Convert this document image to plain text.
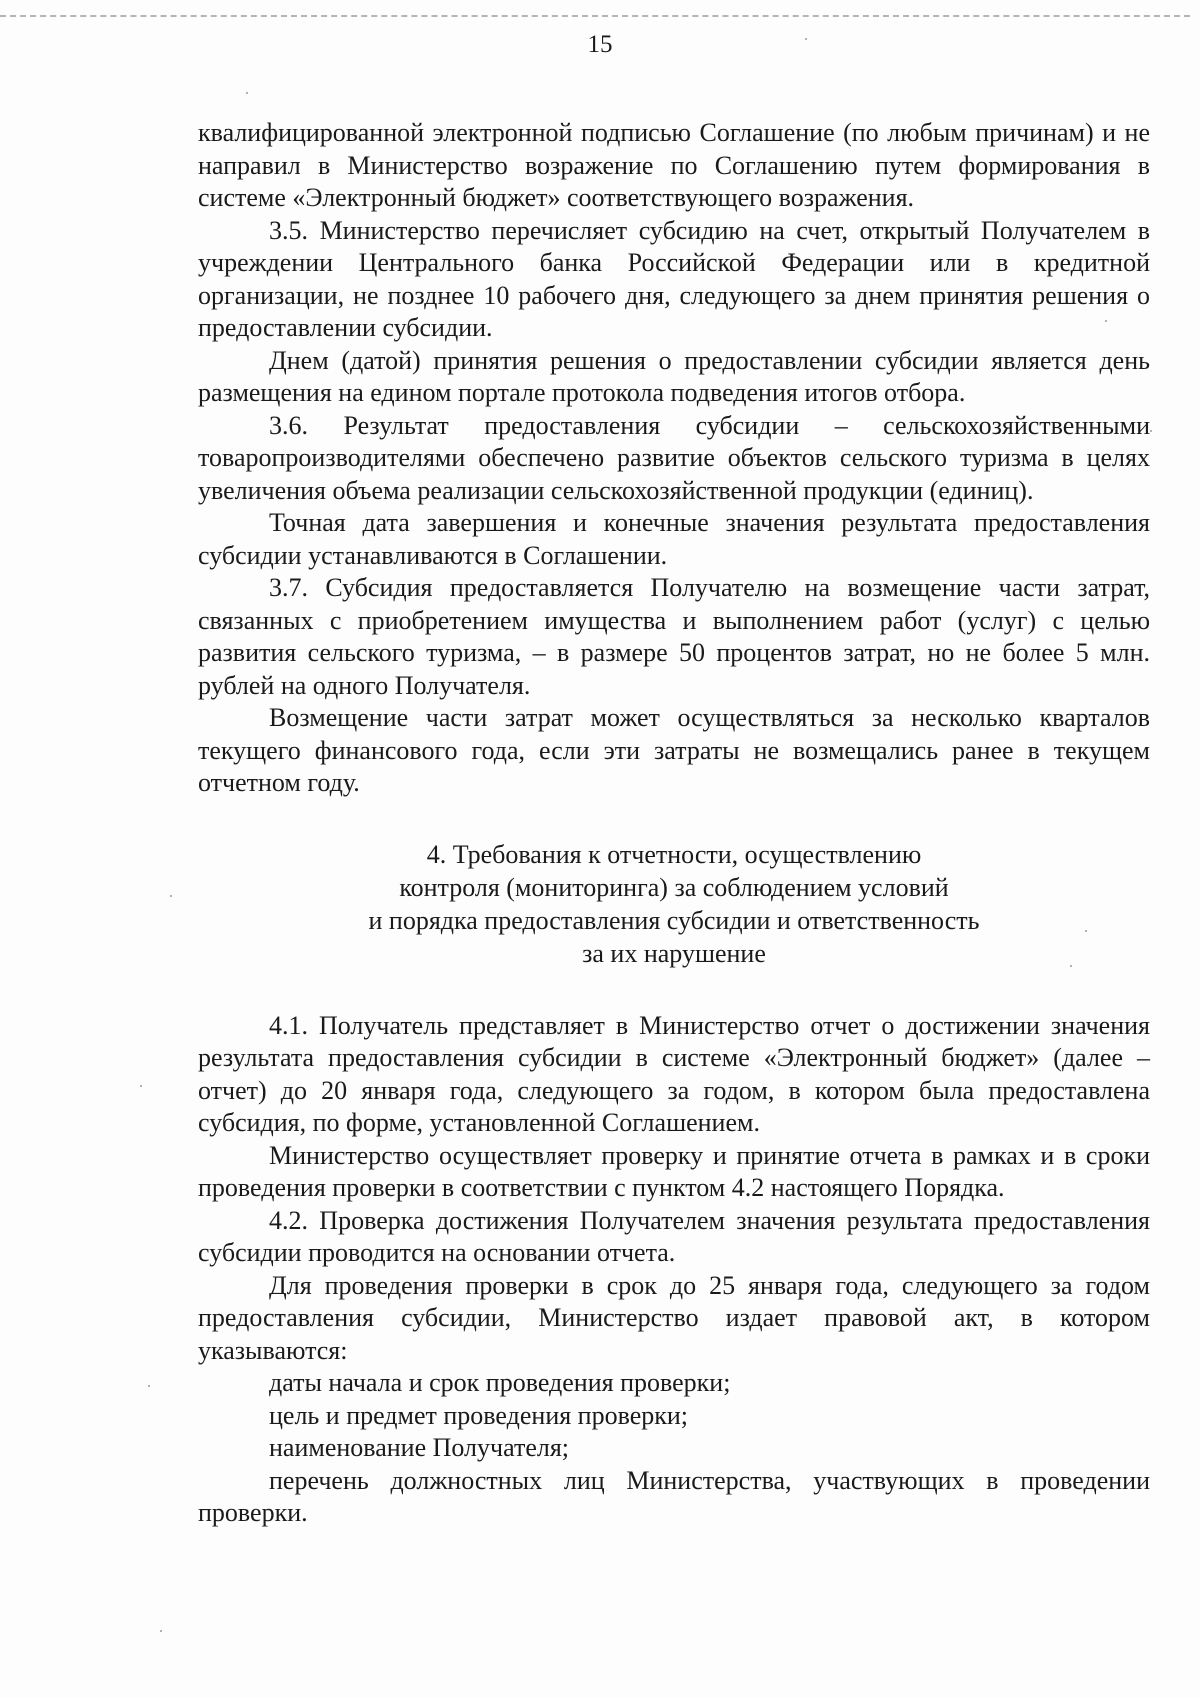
15

квалифицированной электронной подписью Соглашение (по любым причинам) и не направил в Министерство возражение по Соглашению путем формирования в системе «Электронный бюджет» соответствующего возражения.

3.5. Министерство перечисляет субсидию на счет, открытый Получателем в учреждении Центрального банка Российской Федерации или в кредитной организации, не позднее 10 рабочего дня, следующего за днем принятия решения о предоставлении субсидии.

Днем (датой) принятия решения о предоставлении субсидии является день размещения на едином портале протокола подведения итогов отбора.

3.6. Результат предоставления субсидии – сельскохозяйственными товаропроизводителями обеспечено развитие объектов сельского туризма в целях увеличения объема реализации сельскохозяйственной продукции (единиц).

Точная дата завершения и конечные значения результата предоставления субсидии устанавливаются в Соглашении.

3.7. Субсидия предоставляется Получателю на возмещение части затрат, связанных с приобретением имущества и выполнением работ (услуг) с целью развития сельского туризма, – в размере 50 процентов затрат, но не более 5 млн. рублей на одного Получателя.

Возмещение части затрат может осуществляться за несколько кварталов текущего финансового года, если эти затраты не возмещались ранее в текущем отчетном году.

4. Требования к отчетности, осуществлению
контроля (мониторинга) за соблюдением условий
и порядка предоставления субсидии и ответственность
за их нарушение

4.1. Получатель представляет в Министерство отчет о достижении значения результата предоставления субсидии в системе «Электронный бюджет» (далее – отчет) до 20 января года, следующего за годом, в котором была предоставлена субсидия, по форме, установленной Соглашением.

Министерство осуществляет проверку и принятие отчета в рамках и в сроки проведения проверки в соответствии с пунктом 4.2 настоящего Порядка.

4.2. Проверка достижения Получателем значения результата предоставления субсидии проводится на основании отчета.

Для проведения проверки в срок до 25 января года, следующего за годом предоставления субсидии, Министерство издает правовой акт, в котором указываются:

даты начала и срок проведения проверки;

цель и предмет проведения проверки;

наименование Получателя;

перечень должностных лиц Министерства, участвующих в проведении проверки.
